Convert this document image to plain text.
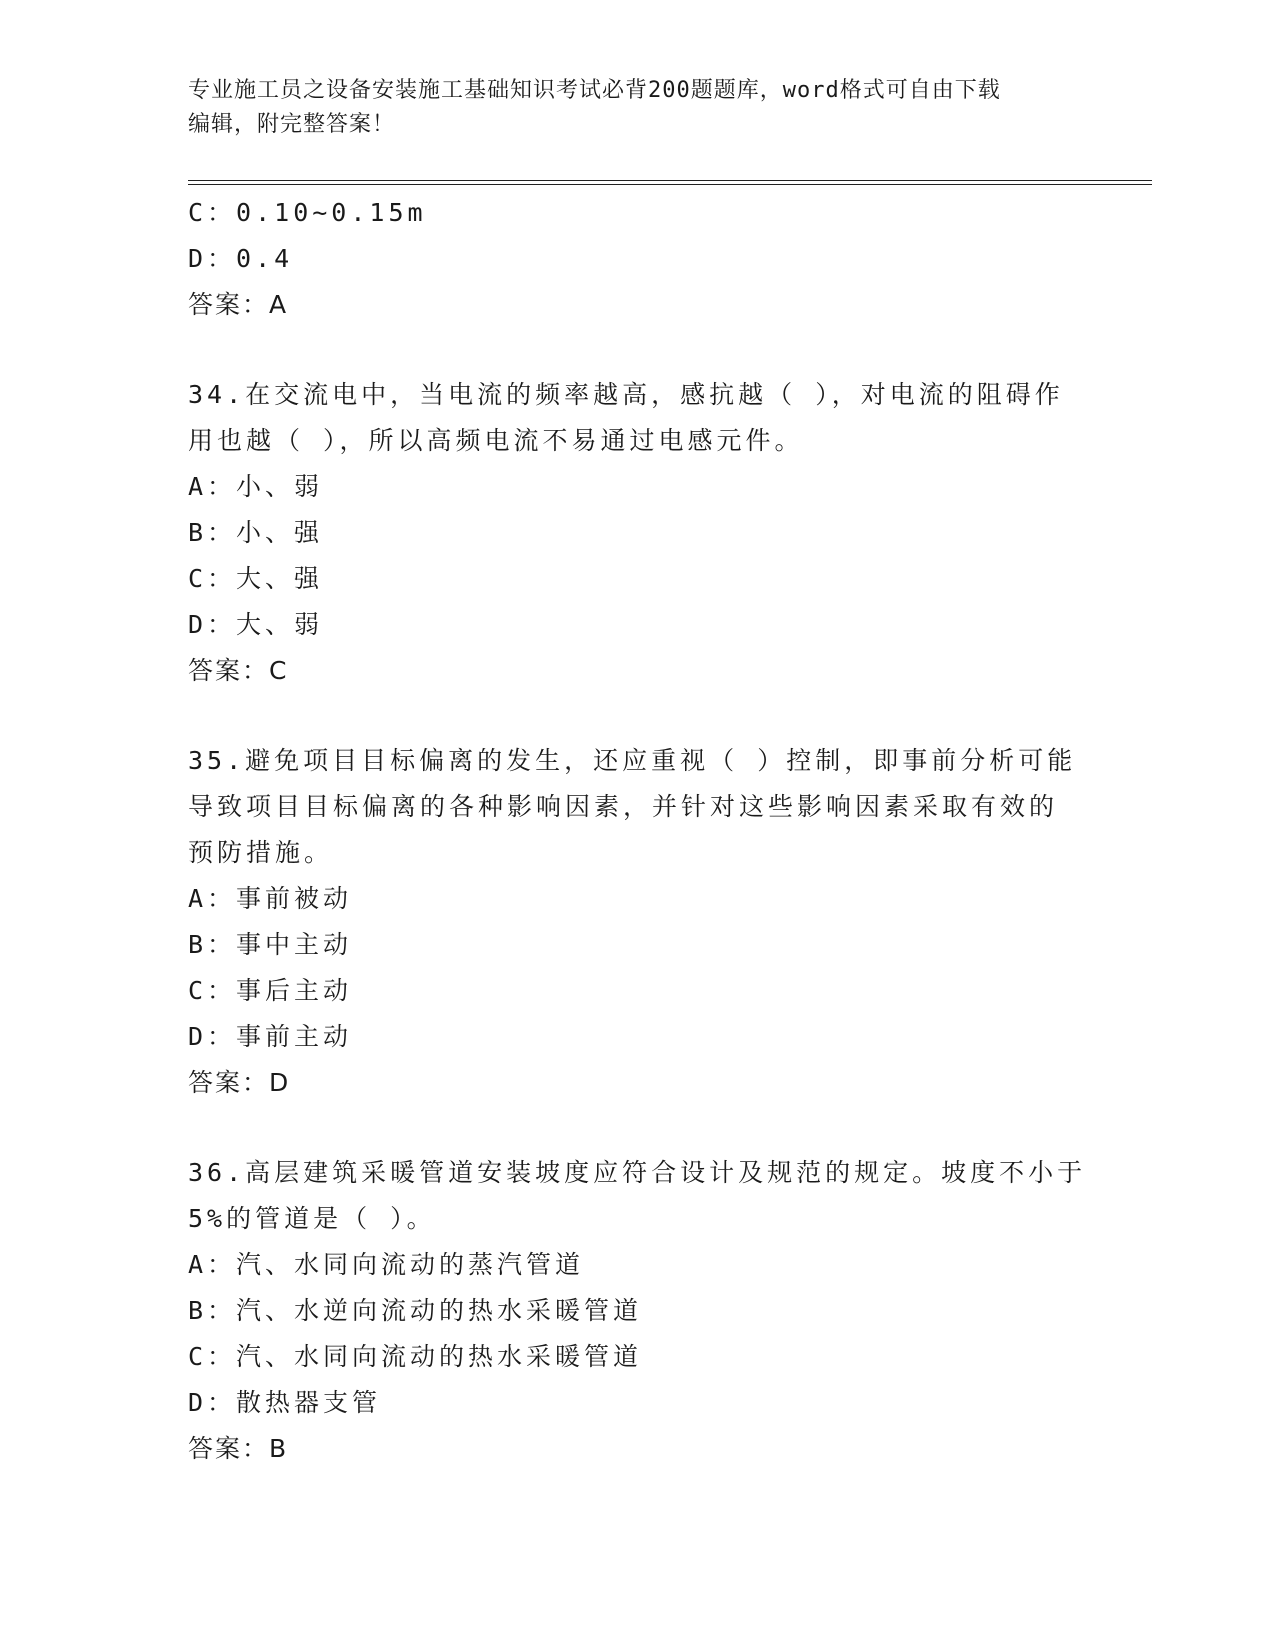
专业施工员之设备安装施工基础知识考试必背200题题库，word格式可自由下载
编辑，附完整答案！
C：0.10~0.15m
D：0.4
答案：A
34.在交流电中，当电流的频率越高，感抗越（ ），对电流的阻碍作
用也越（ ），所以高频电流不易通过电感元件。
A：小、弱
B：小、强
C：大、强
D：大、弱
答案：C
35.避免项目目标偏离的发生，还应重视（ ）控制，即事前分析可能
导致项目目标偏离的各种影响因素，并针对这些影响因素采取有效的
预防措施。
A：事前被动
B：事中主动
C：事后主动
D：事前主动
答案：D
36.高层建筑采暖管道安装坡度应符合设计及规范的规定。坡度不小于
5%的管道是（ ）。
A：汽、水同向流动的蒸汽管道
B：汽、水逆向流动的热水采暖管道
C：汽、水同向流动的热水采暖管道
D：散热器支管
答案：B
